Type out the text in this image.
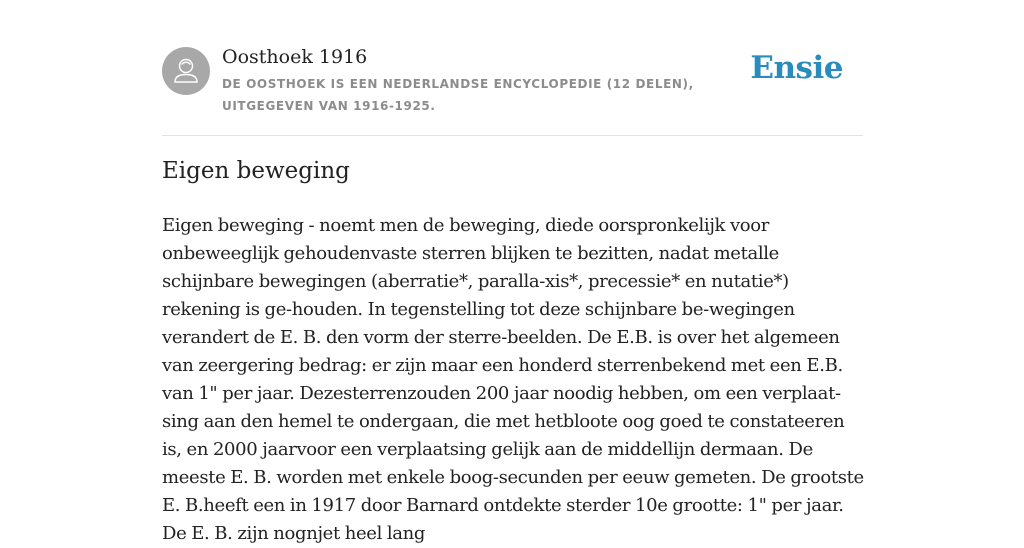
Oosthoek 1916
DE OOSTHOEK IS EEN NEDERLANDSE ENCYCLOPEDIE (12 DELEN), UITGEGEVEN VAN 1916-1925.
Ensie
Eigen beweging

Eigen beweging - noemt men de beweging, diede oorspronkelijk voor onbeweeglijk gehoudenvaste sterren blijken te bezitten, nadat metalle schijnbare bewegingen (aberratie*, paralla-xis*, precessie* en nutatie*) rekening is ge-houden. In tegenstelling tot deze schijnbare be-wegingen verandert de E. B. den vorm der sterre-beelden. De E.B. is over het algemeen van zeergering bedrag: er zijn maar een honderd sterrenbekend met een E.B. van 1" per jaar. Dezesterrenzouden 200 jaar noodig hebben, om een verplaat-sing aan den hemel te ondergaan, die met hetbloote oog goed te constateeren is, en 2000 jaarvoor een verplaatsing gelijk aan de middellijn dermaan. De meeste E. B. worden met enkele boog-secunden per eeuw gemeten. De grootste E. B.heeft een in 1917 door Barnard ontdekte sterder 10e grootte: 1" per jaar. De E. B. zijn nognjet heel lang
